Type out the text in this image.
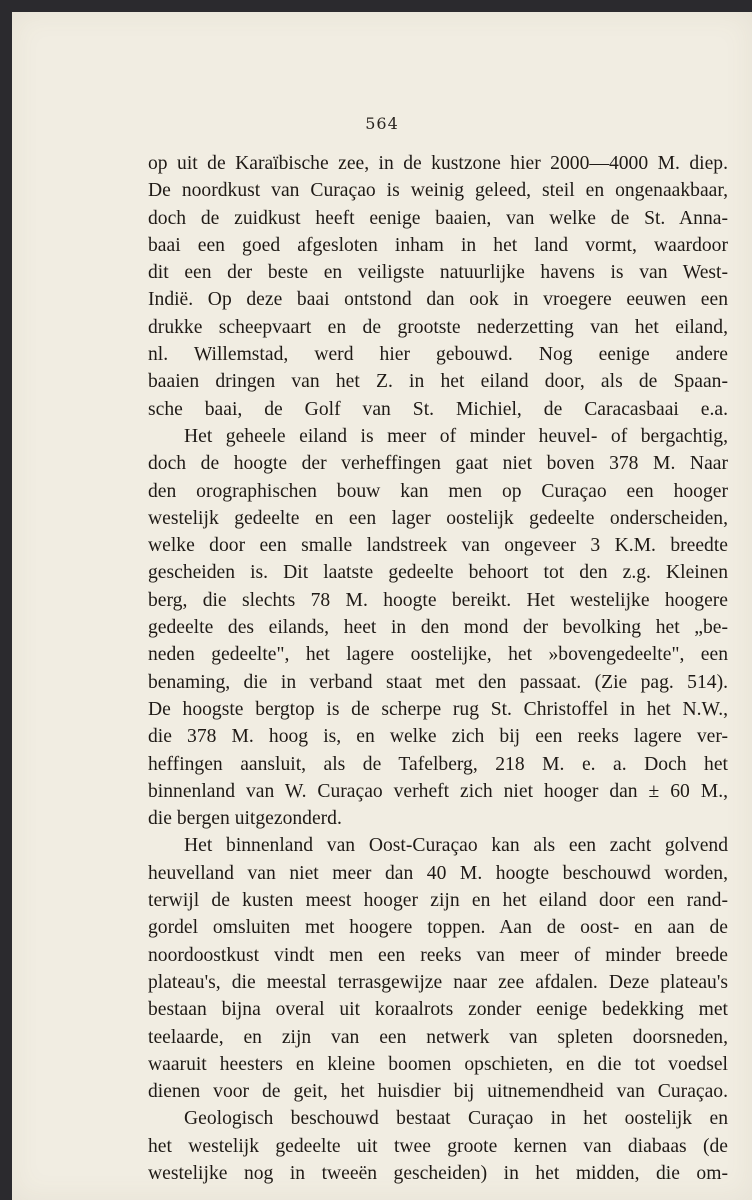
564
op uit de Karaïbische zee, in de kustzone hier 2000—4000 M. diep.
De noordkust van Curaçao is weinig geleed, steil en ongenaakbaar,
doch de zuidkust heeft eenige baaien, van welke de St. Anna-
baai een goed afgesloten inham in het land vormt, waardoor
dit een der beste en veiligste natuurlijke havens is van West-
Indië. Op deze baai ontstond dan ook in vroegere eeuwen een
drukke scheepvaart en de grootste nederzetting van het eiland,
nl. Willemstad, werd hier gebouwd. Nog eenige andere
baaien dringen van het Z. in het eiland door, als de Spaan-
sche baai, de Golf van St. Michiel, de Caracasbaai e.a.
Het geheele eiland is meer of minder heuvel- of bergachtig,
doch de hoogte der verheffingen gaat niet boven 378 M. Naar
den orographischen bouw kan men op Curaçao een hooger
westelijk gedeelte en een lager oostelijk gedeelte onderscheiden,
welke door een smalle landstreek van ongeveer 3 K.M. breedte
gescheiden is. Dit laatste gedeelte behoort tot den z.g. Kleinen
berg, die slechts 78 M. hoogte bereikt. Het westelijke hoogere
gedeelte des eilands, heet in den mond der bevolking het „be-
neden gedeelte", het lagere oostelijke, het »bovengedeelte", een
benaming, die in verband staat met den passaat. (Zie pag. 514).
De hoogste bergtop is de scherpe rug St. Christoffel in het N.W.,
die 378 M. hoog is, en welke zich bij een reeks lagere ver-
heffingen aansluit, als de Tafelberg, 218 M. e. a. Doch het
binnenland van W. Curaçao verheft zich niet hooger dan ± 60 M.,
die bergen uitgezonderd.
Het binnenland van Oost-Curaçao kan als een zacht golvend
heuvelland van niet meer dan 40 M. hoogte beschouwd worden,
terwijl de kusten meest hooger zijn en het eiland door een rand-
gordel omsluiten met hoogere toppen. Aan de oost- en aan de
noordoostkust vindt men een reeks van meer of minder breede
plateau's, die meestal terrasgewijze naar zee afdalen. Deze plateau's
bestaan bijna overal uit koraalrots zonder eenige bedekking met
teelaarde, en zijn van een netwerk van spleten doorsneden,
waaruit heesters en kleine boomen opschieten, en die tot voedsel
dienen voor de geit, het huisdier bij uitnemendheid van Curaçao.
Geologisch beschouwd bestaat Curaçao in het oostelijk en
het westelijk gedeelte uit twee groote kernen van diabaas (de
westelijke nog in tweeën gescheiden) in het midden, die om-
